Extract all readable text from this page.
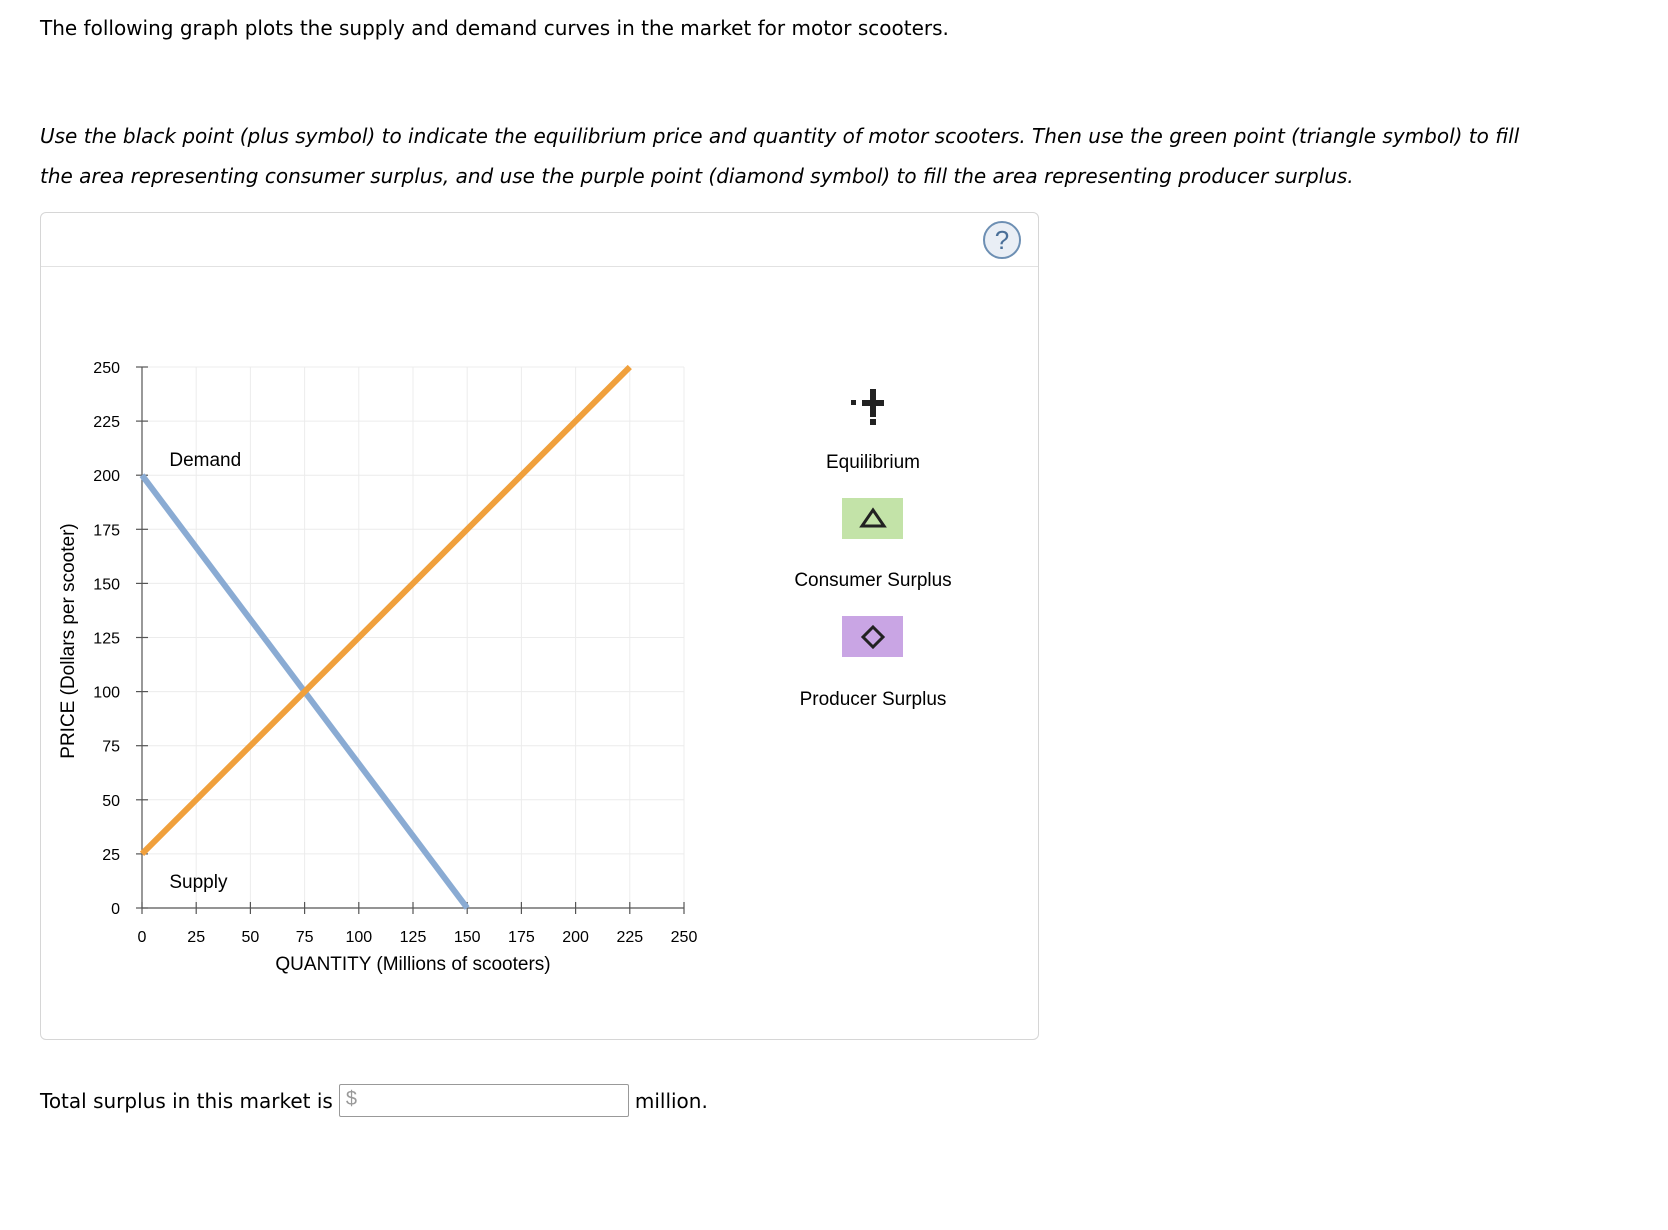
The following graph plots the supply and demand curves in the market for motor scooters.
Use the black point (plus symbol) to indicate the equilibrium price and quantity of motor scooters. Then use the green point (triangle symbol) to fill
the area representing consumer surplus, and use the purple point (diamond symbol) to fill the area representing producer surplus.
?
0
25
50
75
100
125
150
175
200
225
250
0	25 50 75 100 125 150 175 200 225 250
Demand
Supply
QUANTITY (Millions of scooters)
PRICE (Dollars per scooter)
Equilibrium
Consumer Surplus
Producer Surplus
Total surplus in this market is $	million.
